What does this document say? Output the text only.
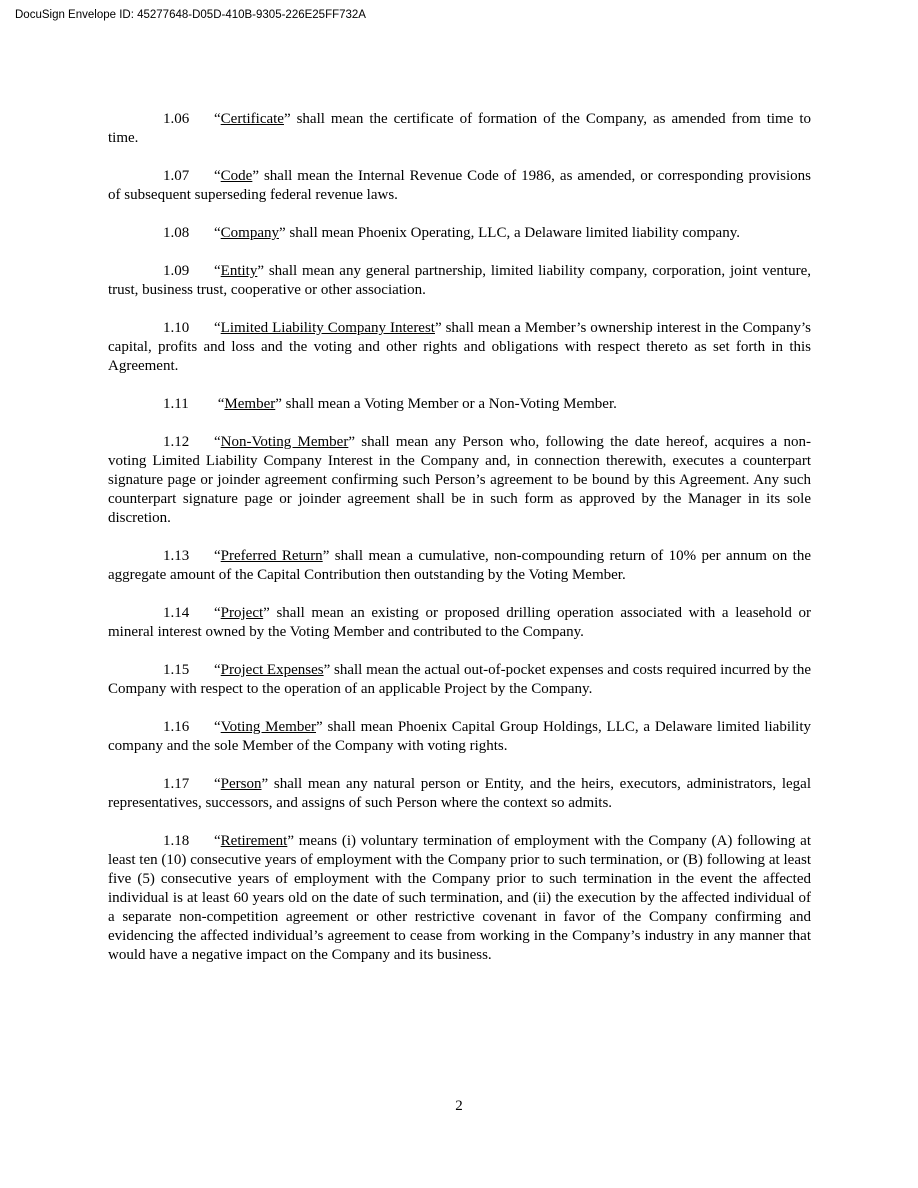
DocuSign Envelope ID: 45277648-D05D-410B-9305-226E25FF732A

1.06 “Certificate” shall mean the certificate of formation of the Company, as amended from time to time.

1.07 “Code” shall mean the Internal Revenue Code of 1986, as amended, or corresponding provisions of subsequent superseding federal revenue laws.

1.08 “Company” shall mean Phoenix Operating, LLC, a Delaware limited liability company.

1.09 “Entity” shall mean any general partnership, limited liability company, corporation, joint venture, trust, business trust, cooperative or other association.

1.10 “Limited Liability Company Interest” shall mean a Member’s ownership interest in the Company’s capital, profits and loss and the voting and other rights and obligations with respect thereto as set forth in this Agreement.

1.11 “Member” shall mean a Voting Member or a Non-Voting Member.

1.12 “Non-Voting Member” shall mean any Person who, following the date hereof, acquires a non-voting Limited Liability Company Interest in the Company and, in connection therewith, executes a counterpart signature page or joinder agreement confirming such Person’s agreement to be bound by this Agreement. Any such counterpart signature page or joinder agreement shall be in such form as approved by the Manager in its sole discretion.

1.13 “Preferred Return” shall mean a cumulative, non-compounding return of 10% per annum on the aggregate amount of the Capital Contribution then outstanding by the Voting Member.

1.14 “Project” shall mean an existing or proposed drilling operation associated with a leasehold or mineral interest owned by the Voting Member and contributed to the Company.

1.15 “Project Expenses” shall mean the actual out-of-pocket expenses and costs required incurred by the Company with respect to the operation of an applicable Project by the Company.

1.16 “Voting Member” shall mean Phoenix Capital Group Holdings, LLC, a Delaware limited liability company and the sole Member of the Company with voting rights.

1.17 “Person” shall mean any natural person or Entity, and the heirs, executors, administrators, legal representatives, successors, and assigns of such Person where the context so admits.

1.18 “Retirement” means (i) voluntary termination of employment with the Company (A) following at least ten (10) consecutive years of employment with the Company prior to such termination, or (B) following at least five (5) consecutive years of employment with the Company prior to such termination in the event the affected individual is at least 60 years old on the date of such termination, and (ii) the execution by the affected individual of a separate non-competition agreement or other restrictive covenant in favor of the Company confirming and evidencing the affected individual’s agreement to cease from working in the Company’s industry in any manner that would have a negative impact on the Company and its business.

2
